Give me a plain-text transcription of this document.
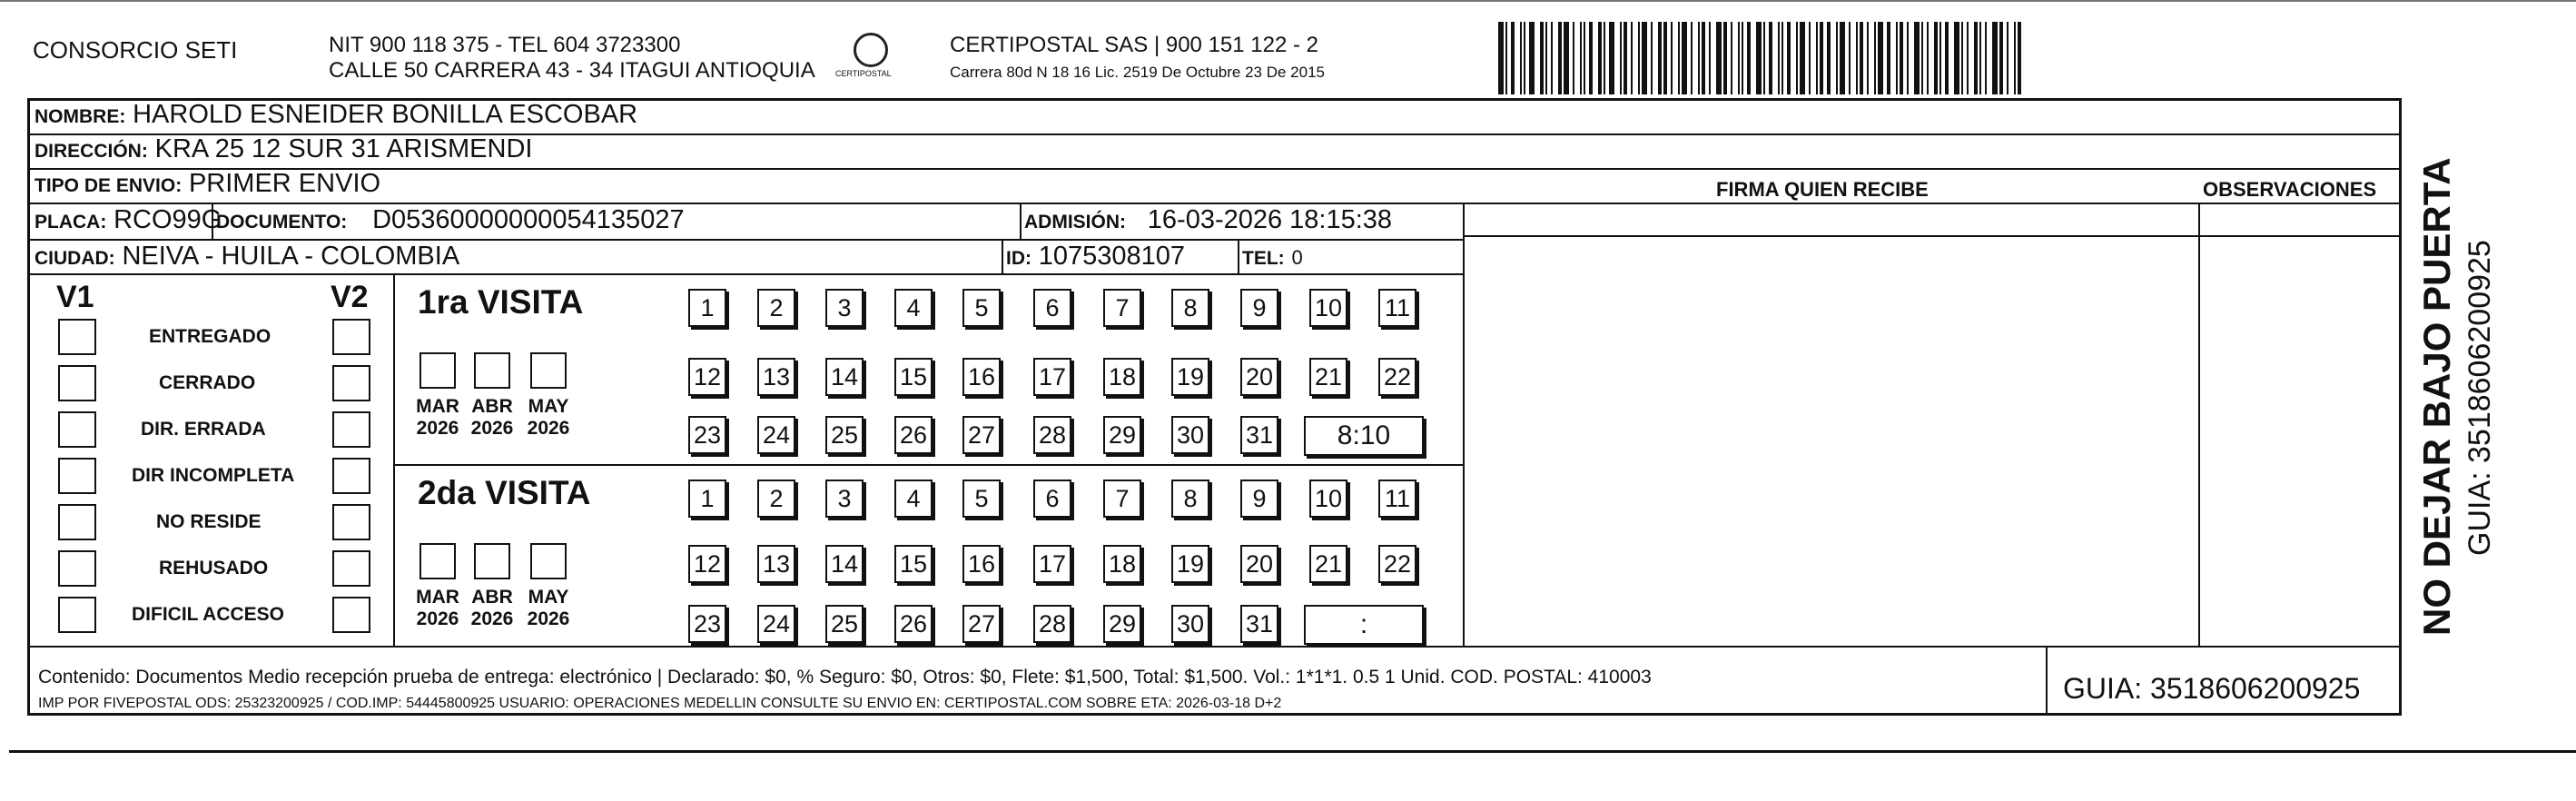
CONSORCIO SETI	NIT 900 118 375 - TEL 604 3723300
CALLE 50 CARRERA 43 - 34 ITAGUI ANTIOQUIA CERTIPOSTAL
CERTIPOSTAL SAS | 900 151 122 - 2
Carrera 80d N 18 16 Lic. 2519 De Octubre 23 De 2015
NOMBRE: HAROLD ESNEIDER BONILLA ESCOBAR
DIRECCIÓN: KRA 25 12 SUR 31 ARISMENDI
TIPO DE ENVIO: PRIMER ENVIO
PLACA: RCO99G
DOCUMENTO: D05360000000054135027	ADMISIÓN: 16-03-2026 18:15:38
CIUDAD: NEIVA - HUILA - COLOMBIA	ID: 1075308107	TEL: 0
FIRMA QUIEN RECIBE	OBSERVACIONES
V1	V2
ENTREGADO
CERRADO
DIR. ERRADA
DIR INCOMPLETA
NO RESIDE
REHUSADO
DIFICIL ACCESO
1ra VISITA
2da VISITA
MAR
2026
ABR
2026
MAY
2026
1	2	3	4	5	6	7	8	9	10 11
12 13 14 15 16 17 18 19 20 21 22
23 24 25 26 27 28 29 30 31	8:10
MAR
2026
ABR
2026
MAY
2026
1	2	3	4	5	6	7	8	9	10 11
12 13 14 15 16 17 18 19 20 21 22
23 24 25 26 27 28 29 30 31	:
Contenido: Documentos Medio recepción prueba de entrega: electrónico | Declarado: $0, % Seguro: $0, Otros: $0, Flete: $1,500, Total: $1,500. Vol.: 1*1*1. 0.5 1 Unid. COD. POSTAL: 410003
IMP POR FIVEPOSTAL ODS: 25323200925 / COD.IMP: 54445800925 USUARIO: OPERACIONES MEDELLIN CONSULTE SU ENVIO EN: CERTIPOSTAL.COM SOBRE ETA: 2026-03-18 D+2	GUIA: 3518606200925
NO DEJAR BAJO PUERTA GUIA: 3518606200925
